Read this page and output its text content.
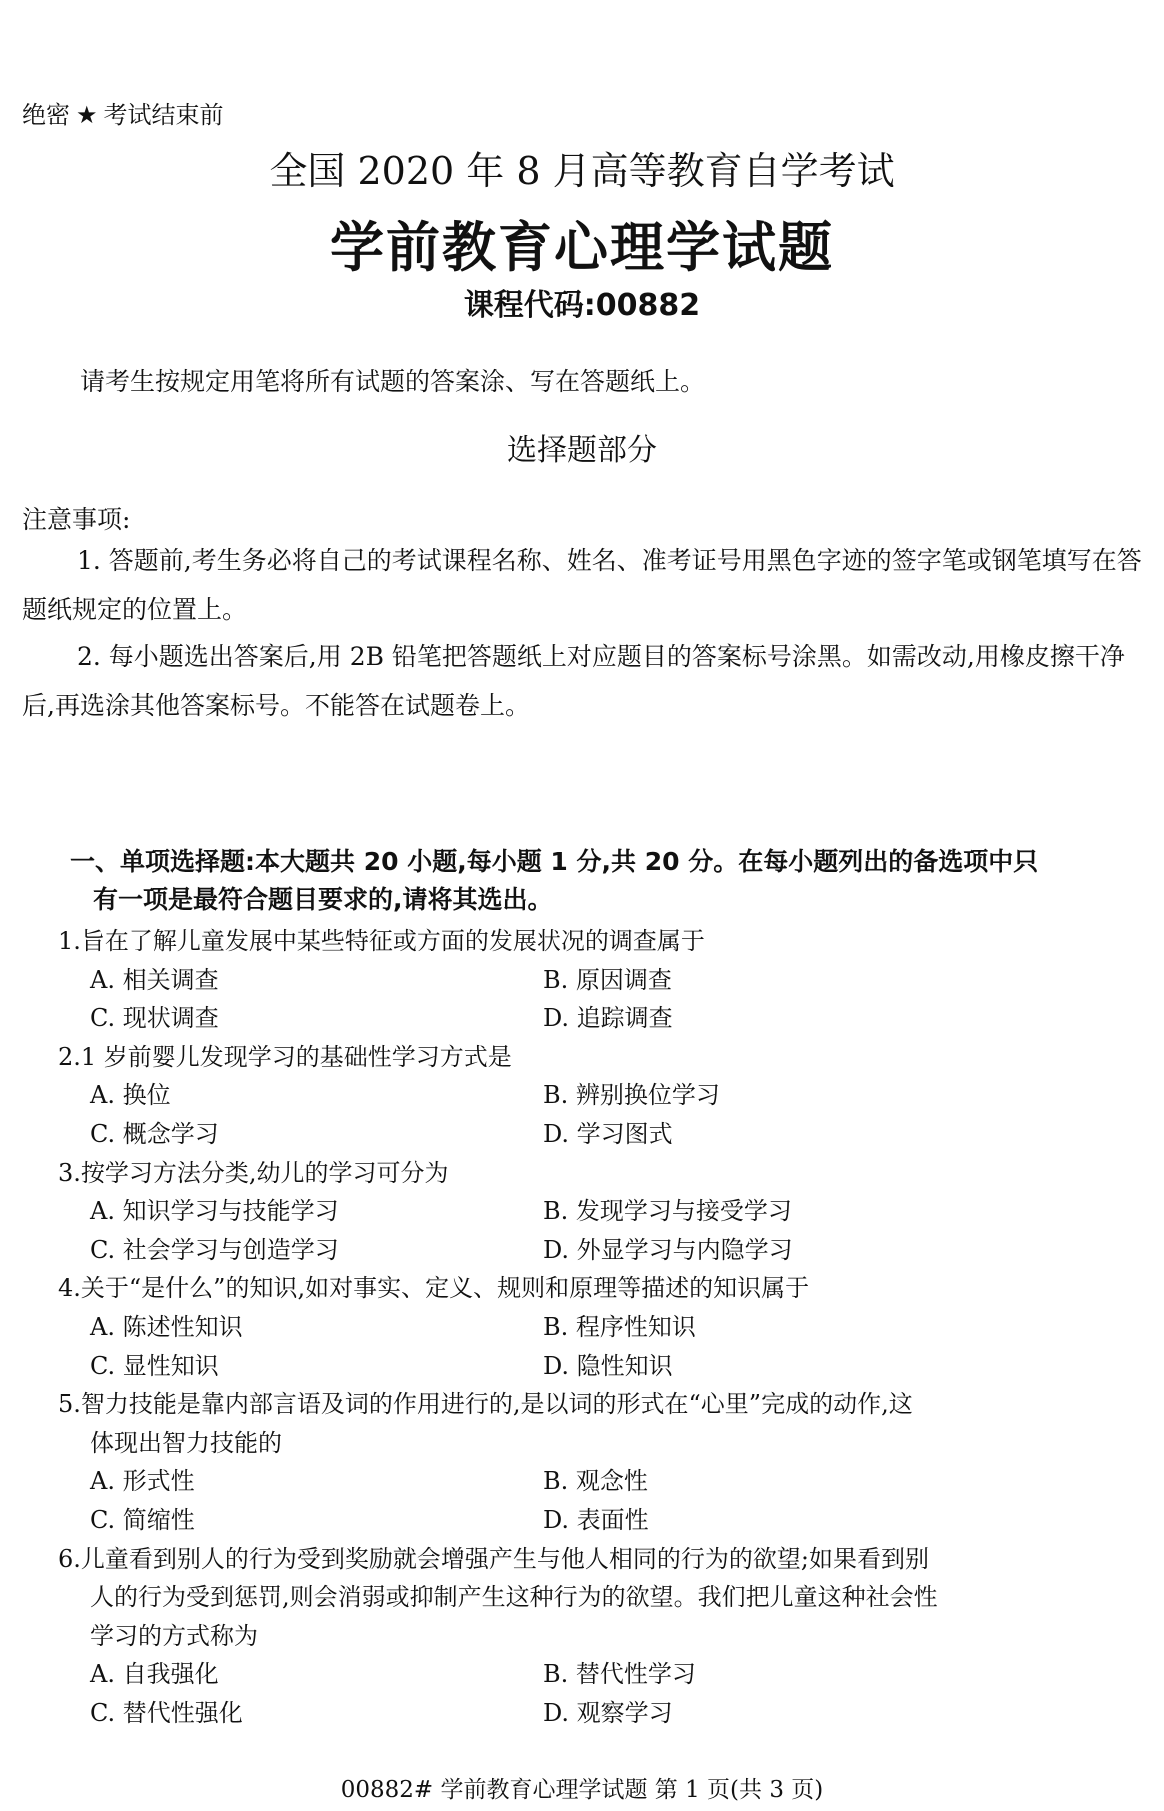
绝密 ★ 考试结束前
全国 2020 年 8 月高等教育自学考试
学前教育心理学试题
课程代码:00882
请考生按规定用笔将所有试题的答案涂、写在答题纸上。
选择题部分
注意事项:
1. 答题前,考生务必将自己的考试课程名称、姓名、准考证号用黑色字迹的签字笔或钢笔填写在答题纸规定的位置上。
2. 每小题选出答案后,用 2B 铅笔把答题纸上对应题目的答案标号涂黑。如需改动,用橡皮擦干净后,再选涂其他答案标号。不能答在试题卷上。
一、单项选择题:本大题共 20 小题,每小题 1 分,共 20 分。在每小题列出的备选项中只
有一项是最符合题目要求的,请将其选出。
1.旨在了解儿童发展中某些特征或方面的发展状况的调查属于
A. 相关调查	B. 原因调查
C. 现状调查	D. 追踪调查
2.1 岁前婴儿发现学习的基础性学习方式是
A. 换位	B. 辨别换位学习
C. 概念学习	D. 学习图式
3.按学习方法分类,幼儿的学习可分为
A. 知识学习与技能学习	B. 发现学习与接受学习
C. 社会学习与创造学习	D. 外显学习与内隐学习
4.关于“是什么”的知识,如对事实、定义、规则和原理等描述的知识属于
A. 陈述性知识	B. 程序性知识
C. 显性知识	D. 隐性知识
5.智力技能是靠内部言语及词的作用进行的,是以词的形式在“心里”完成的动作,这
体现出智力技能的
A. 形式性	B. 观念性
C. 简缩性	D. 表面性
6.儿童看到别人的行为受到奖励就会增强产生与他人相同的行为的欲望;如果看到别
人的行为受到惩罚,则会消弱或抑制产生这种行为的欲望。我们把儿童这种社会性
学习的方式称为
A. 自我强化	B. 替代性学习
C. 替代性强化	D. 观察学习
00882# 学前教育心理学试题 第 1 页(共 3 页)
